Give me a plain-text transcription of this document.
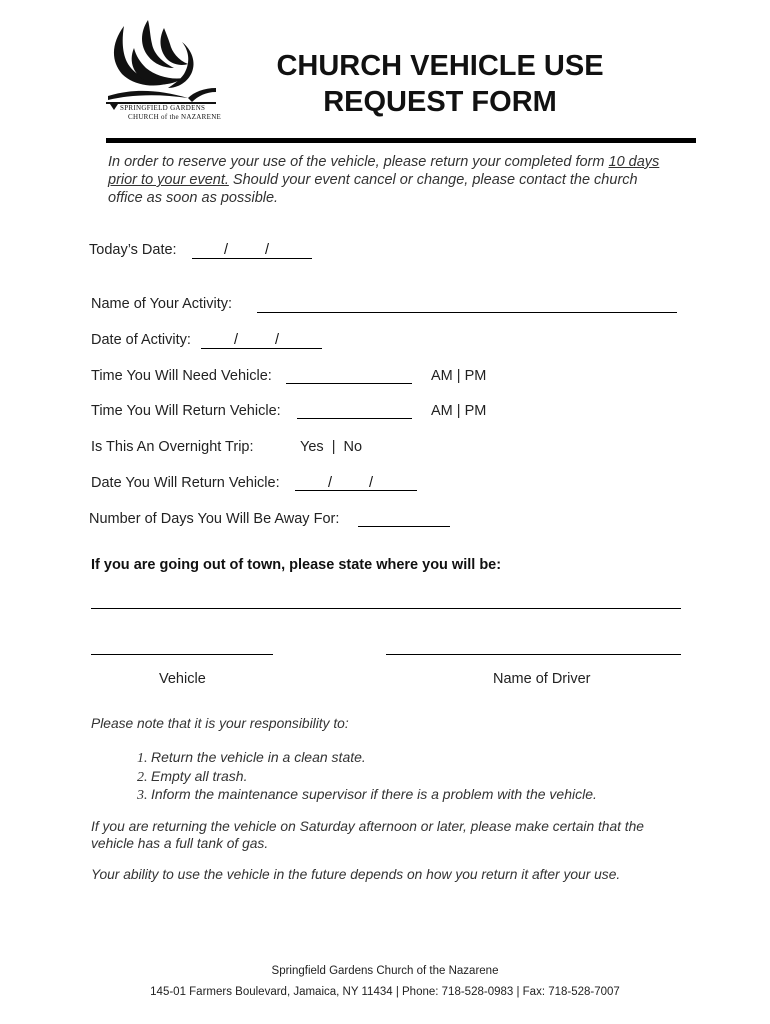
SPRINGFIELD GARDENS
CHURCH of the NAZARENE
CHURCH VEHICLE USE
REQUEST FORM
In order to reserve your use of the vehicle, please return your completed form 10 days prior to your event. Should your event cancel or change, please contact the church office as soon as possible.
Today’s Date:	/	/
Name of Your Activity:
Date of Activity:	/	/
Time You Will Need Vehicle:	AM | PM
Time You Will Return Vehicle:	AM | PM
Is This An Overnight Trip:	Yes  |  No
Date You Will Return Vehicle:	/	/
Number of Days You Will Be Away For:
If you are going out of town, please state where you will be:
Vehicle	Name of Driver
Please note that it is your responsibility to:
1. Return the vehicle in a clean state.
2. Empty all trash.
3. Inform the maintenance supervisor if there is a problem with the vehicle.
If you are returning the vehicle on Saturday afternoon or later, please make certain that the vehicle has a full tank of gas.
Your ability to use the vehicle in the future depends on how you return it after your use.
Springfield Gardens Church of the Nazarene
145-01 Farmers Boulevard, Jamaica, NY 11434 | Phone: 718-528-0983 | Fax: 718-528-7007
